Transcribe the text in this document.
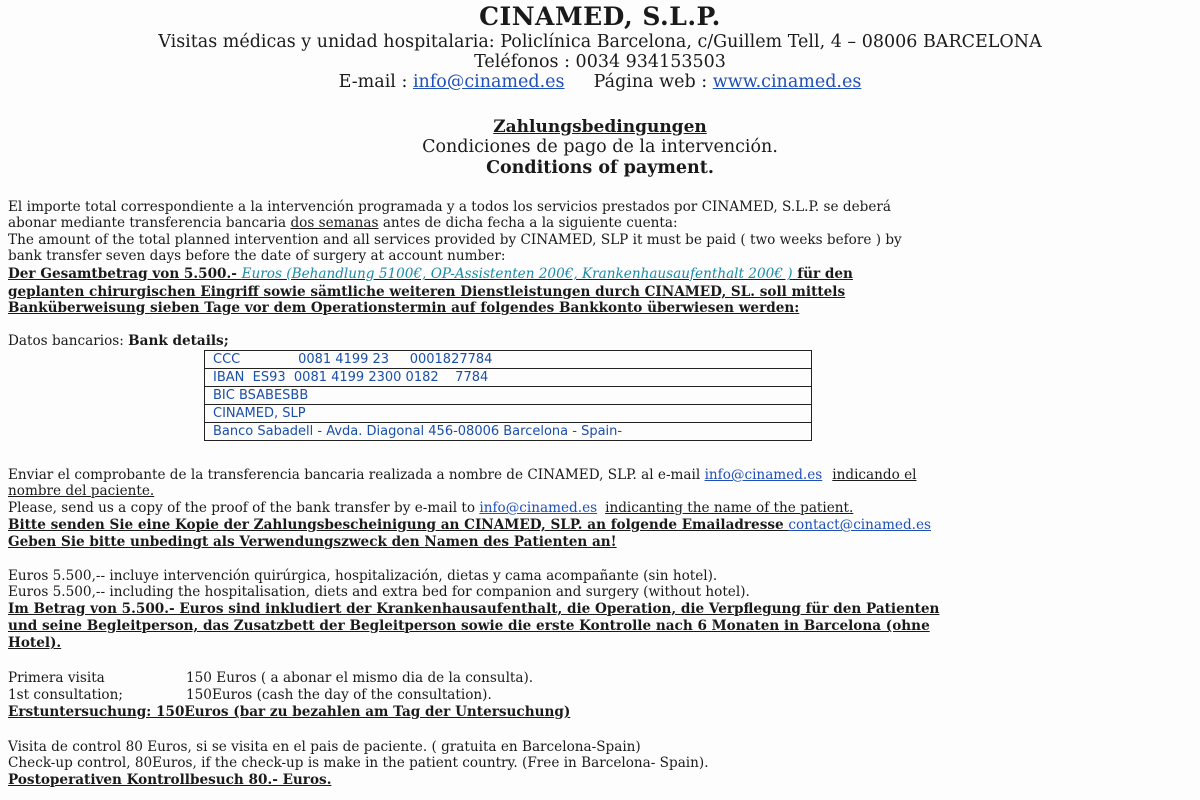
CINAMED, S.L.P.
Visitas médicas y unidad hospitalaria: Policlínica Barcelona, c/Guillem Tell, 4 – 08006 BARCELONA
Teléfonos : 0034 934153503
E-mail : info@cinamed.es Página web : www.cinamed.es
Zahlungsbedingungen
Condiciones de pago de la intervención.
Conditions of payment.
El importe total correspondiente a la intervención programada y a todos los servicios prestados por CINAMED, S.L.P. se deberá
abonar mediante transferencia bancaria dos semanas antes de dicha fecha a la siguiente cuenta:
The amount of the total planned intervention and all services provided by CINAMED, SLP it must be paid ( two weeks before ) by
bank transfer seven days before the date of surgery at account number:
Der Gesamtbetrag von 5.500.- Euros (Behandlung 5100€, OP-Assistenten 200€, Krankenhausaufenthalt 200€ ) für den
geplanten chirurgischen Eingriff sowie sämtliche weiteren Dienstleistungen durch CINAMED, SL. soll mittels
Banküberweisung sieben Tage vor dem Operationstermin auf folgendes Bankkonto überwiesen werden:
Datos bancarios: Bank details;
CCC              0081 4199 23     0001827784
IBAN  ES93  0081 4199 2300 0182    7784
BIC BSABESBB
CINAMED, SLP
Banco Sabadell - Avda. Diagonal 456-08006 Barcelona - Spain-
Enviar el comprobante de la transferencia bancaria realizada a nombre de CINAMED, SLP. al e-mail info@cinamed.es indicando el
nombre del paciente.
Please, send us a copy of the proof of the bank transfer by e-mail to info@cinamed.es indicanting the name of the patient.
Bitte senden Sie eine Kopie der Zahlungsbescheinigung an CINAMED, SLP. an folgende Emailadresse contact@cinamed.es
Geben Sie bitte unbedingt als Verwendungszweck den Namen des Patienten an!
Euros 5.500,-- incluye intervención quirúrgica, hospitalización, dietas y cama acompañante (sin hotel).
Euros 5.500,-- including the hospitalisation, diets and extra bed for companion and surgery (without hotel).
Im Betrag von 5.500.- Euros sind inkludiert der Krankenhausaufenthalt, die Operation, die Verpflegung für den Patienten
und seine Begleitperson, das Zusatzbett der Begleitperson sowie die erste Kontrolle nach 6 Monaten in Barcelona (ohne
Hotel).
Primera visita	150 Euros ( a abonar el mismo dia de la consulta).
1st consultation;	150Euros (cash the day of the consultation).
Erstuntersuchung: 150Euros (bar zu bezahlen am Tag der Untersuchung)
Visita de control 80 Euros, si se visita en el pais de paciente. ( gratuita en Barcelona-Spain)
Check-up control, 80Euros, if the check-up is make in the patient country. (Free in Barcelona- Spain).
Postoperativen Kontrollbesuch 80.- Euros.
